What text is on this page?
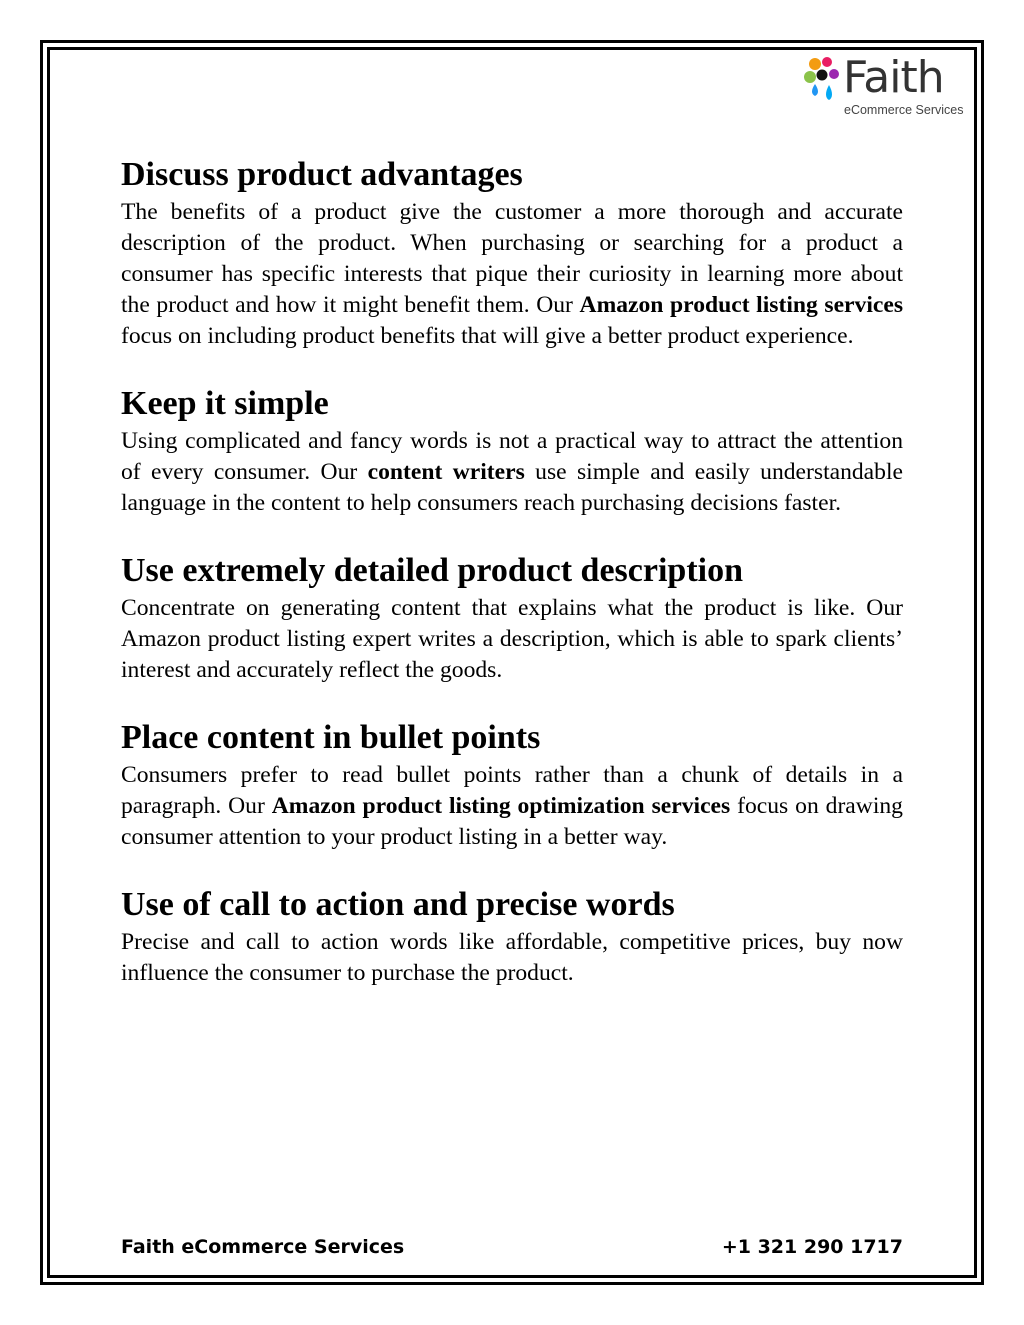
Faith
eCommerce Services
Discuss product advantages

The benefits of a product give the customer a more thorough and accurate description of the product. When purchasing or searching for a product a consumer has specific interests that pique their curiosity in learning more about the product and how it might benefit them. Our Amazon product listing services focus on including product benefits that will give a better product experience.

Keep it simple

Using complicated and fancy words is not a practical way to attract the attention of every consumer. Our content writers use simple and easily understandable language in the content to help consumers reach purchasing decisions faster.

Use extremely detailed product description

Concentrate on generating content that explains what the product is like. Our Amazon product listing expert writes a description, which is able to spark clients’ interest and accurately reflect the goods.

Place content in bullet points

Consumers prefer to read bullet points rather than a chunk of details in a paragraph. Our Amazon product listing optimization services focus on drawing consumer attention to your product listing in a better way.

Use of call to action and precise words

Precise and call to action words like affordable, competitive prices, buy now influence the consumer to purchase the product.

Faith eCommerce Services	+1 321 290 1717
